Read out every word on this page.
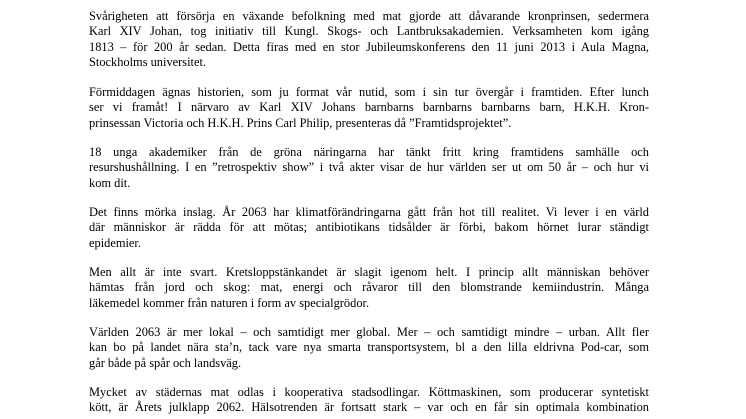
Svårigheten att försörja en växande befolkning med mat gjorde att dåvarande kronprinsen, sedermera
Karl XIV Johan, tog initiativ till Kungl. Skogs- och Lantbruksakademien. Verksamheten kom igång
1813 – för 200 år sedan. Detta firas med en stor Jubileumskonferens den 11 juni 2013 i Aula Magna,
Stockholms universitet.
Förmiddagen ägnas historien, som ju format vår nutid, som i sin tur övergår i framtiden. Efter lunch
ser vi framåt! I närvaro av Karl XIV Johans barnbarns barnbarns barnbarns barn, H.K.H. Kron-
prinsessan Victoria och H.K.H. Prins Carl Philip, presenteras då ”Framtidsprojektet”.
18 unga akademiker från de gröna näringarna har tänkt fritt kring framtidens samhälle och
resurshushållning. I en ”retrospektiv show” i två akter visar de hur världen ser ut om 50 år – och hur vi
kom dit.
Det finns mörka inslag. År 2063 har klimatförändringarna gått från hot till realitet. Vi lever i en värld
där människor är rädda för att mötas; antibiotikans tidsålder är förbi, bakom hörnet lurar ständigt
epidemier.
Men allt är inte svart. Kretsloppstänkandet är slagit igenom helt. I princip allt människan behöver
hämtas från jord och skog: mat, energi och råvaror till den blomstrande kemiindustrin. Många
läkemedel kommer från naturen i form av specialgrödor.
Världen 2063 är mer lokal – och samtidigt mer global. Mer – och samtidigt mindre – urban. Allt fler
kan bo på landet nära sta’n, tack vare nya smarta transportsystem, bl a den lilla eldrivna Pod-car, som
går både på spår och landsväg.
Mycket av städernas mat odlas i kooperativa stadsodlingar. Köttmaskinen, som producerar syntetiskt
kött, är Årets julklapp 2062. Hälsotrenden är fortsatt stark – var och en får sin optimala kombination
